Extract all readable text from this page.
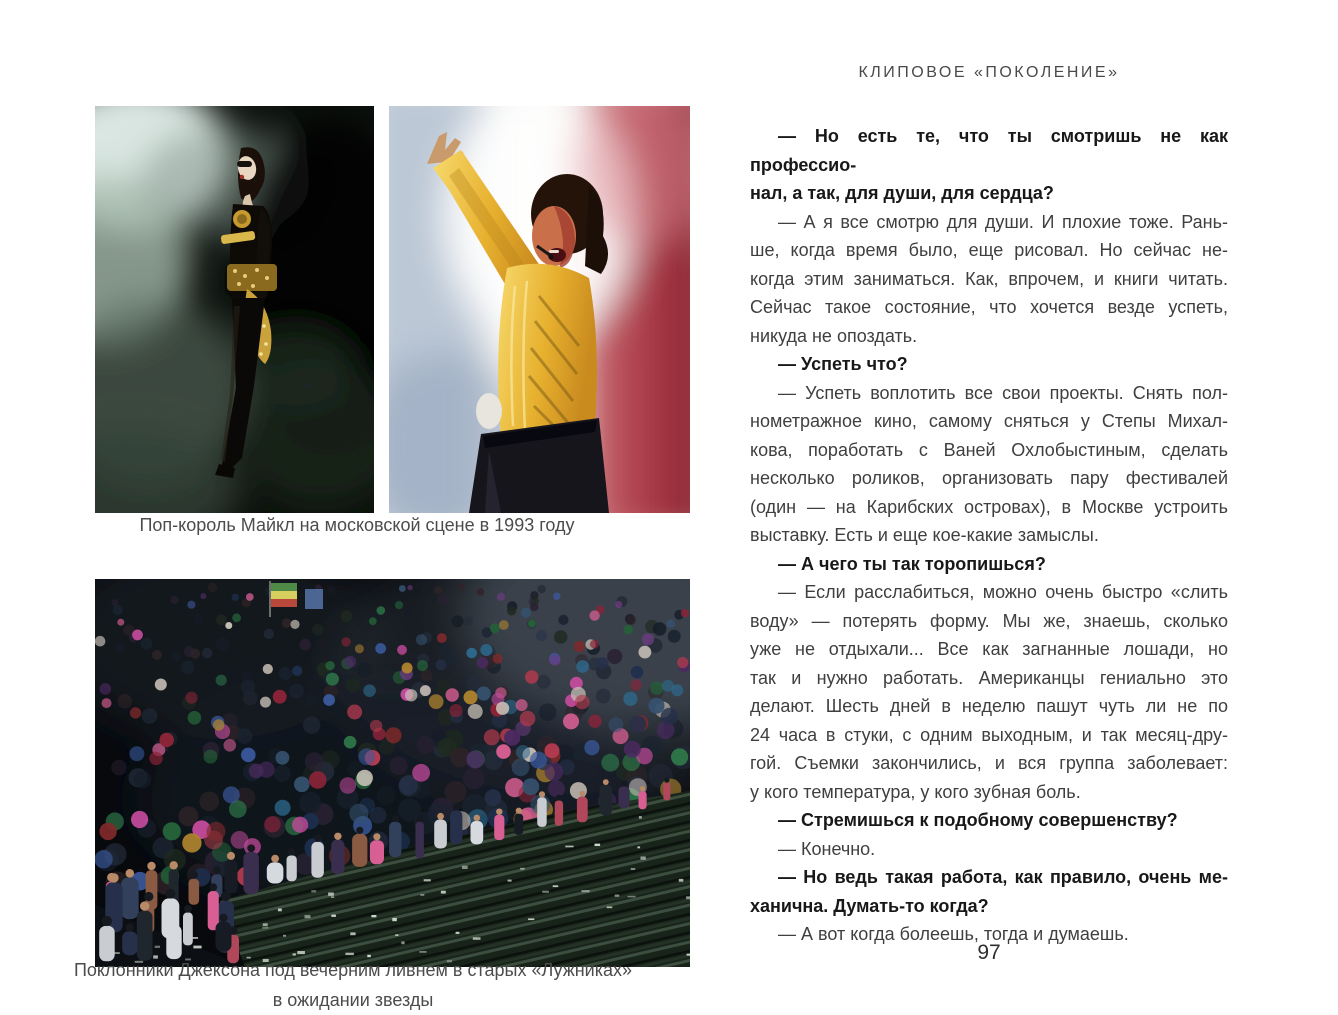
Поп-король Майкл на московской сцене в 1993 году
Поклонники Джексона под вечерним ливнем в старых «Лужниках»
в ожидании звезды
КЛИПОВОЕ «ПОКОЛЕНИЕ»
— Но есть те, что ты смотришь не как профессио-
нал, а так, для души, для сердца?
— А я все смотрю для души. И плохие тоже. Рань-
ше, когда время было, еще рисовал. Но сейчас не-
когда этим заниматься. Как, впрочем, и книги читать.
Сейчас такое состояние, что хочется везде успеть,
никуда не опоздать.
— Успеть что?
— Успеть воплотить все свои проекты. Снять пол-
нометражное кино, самому сняться у Степы Михал-
кова, поработать с Ваней Охлобыстиным, сделать
несколько роликов, организовать пару фестивалей
(один — на Карибских островах), в Москве устроить
выставку. Есть и еще кое-какие замыслы.
— А чего ты так торопишься?
— Если расслабиться, можно очень быстро «слить
воду» — потерять форму. Мы же, знаешь, сколько
уже не отдыхали... Все как загнанные лошади, но
так и нужно работать. Американцы гениально это
делают. Шесть дней в неделю пашут чуть ли не по
24 часа в стуки, с одним выходным, и так месяц-дру-
гой. Съемки закончились, и вся группа заболевает:
у кого температура, у кого зубная боль.
— Стремишься к подобному совершенству?
— Конечно.
— Но ведь такая работа, как правило, очень ме-
ханична. Думать-то когда?
— А вот когда болеешь, тогда и думаешь.
97
